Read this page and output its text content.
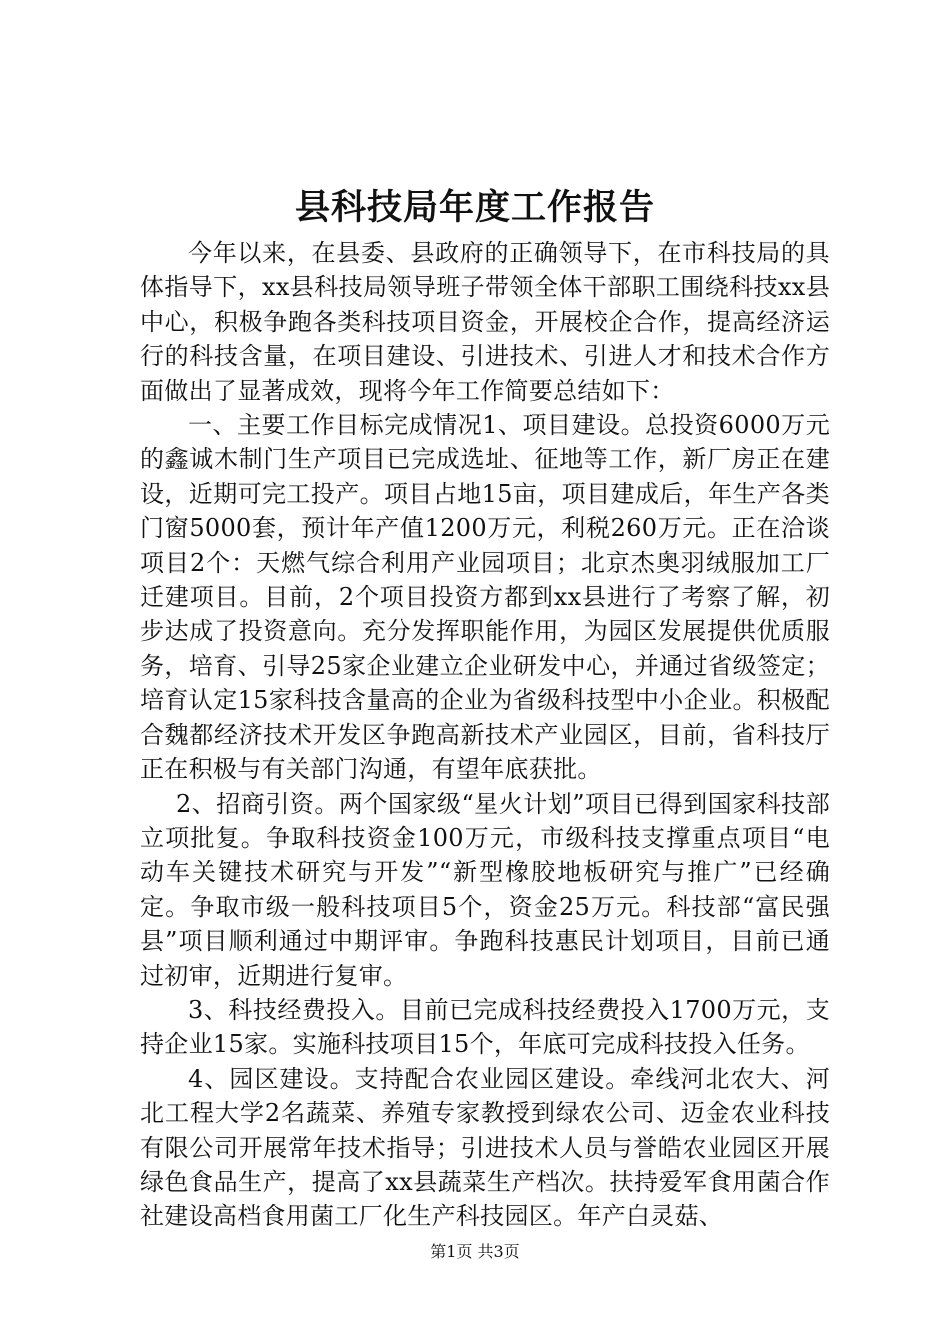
县科技局年度工作报告

今年以来，在县委、县政府的正确领导下，在市科技局的具体指导下，xx县科技局领导班子带领全体干部职工围绕科技xx县中心，积极争跑各类科技项目资金，开展校企合作，提高经济运行的科技含量，在项目建设、引进技术、引进人才和技术合作方面做出了显著成效，现将今年工作简要总结如下：

一、主要工作目标完成情况1、项目建设。总投资6000万元的鑫诚木制门生产项目已完成选址、征地等工作，新厂房正在建设，近期可完工投产。项目占地15亩，项目建成后，年生产各类门窗5000套，预计年产值1200万元，利税260万元。正在洽谈项目2个：天燃气综合利用产业园项目；北京杰奥羽绒服加工厂迁建项目。目前，2个项目投资方都到xx县进行了考察了解，初步达成了投资意向。充分发挥职能作用，为园区发展提供优质服务，培育、引导25家企业建立企业研发中心，并通过省级签定；培育认定15家科技含量高的企业为省级科技型中小企业。积极配合魏都经济技术开发区争跑高新技术产业园区，目前，省科技厅正在积极与有关部门沟通，有望年底获批。

2、招商引资。两个国家级“星火计划”项目已得到国家科技部立项批复。争取科技资金100万元，市级科技支撑重点项目“电动车关键技术研究与开发”“新型橡胶地板研究与推广”已经确定。争取市级一般科技项目5个，资金25万元。科技部“富民强县”项目顺利通过中期评审。争跑科技惠民计划项目，目前已通过初审，近期进行复审。

3、科技经费投入。目前已完成科技经费投入1700万元，支持企业15家。实施科技项目15个，年底可完成科技投入任务。

4、园区建设。支持配合农业园区建设。牵线河北农大、河北工程大学2名蔬菜、养殖专家教授到绿农公司、迈金农业科技有限公司开展常年技术指导；引进技术人员与誉皓农业园区开展绿色食品生产，提高了xx县蔬菜生产档次。扶持爱军食用菌合作社建设高档食用菌工厂化生产科技园区。年产白灵菇、

第1页 共3页
